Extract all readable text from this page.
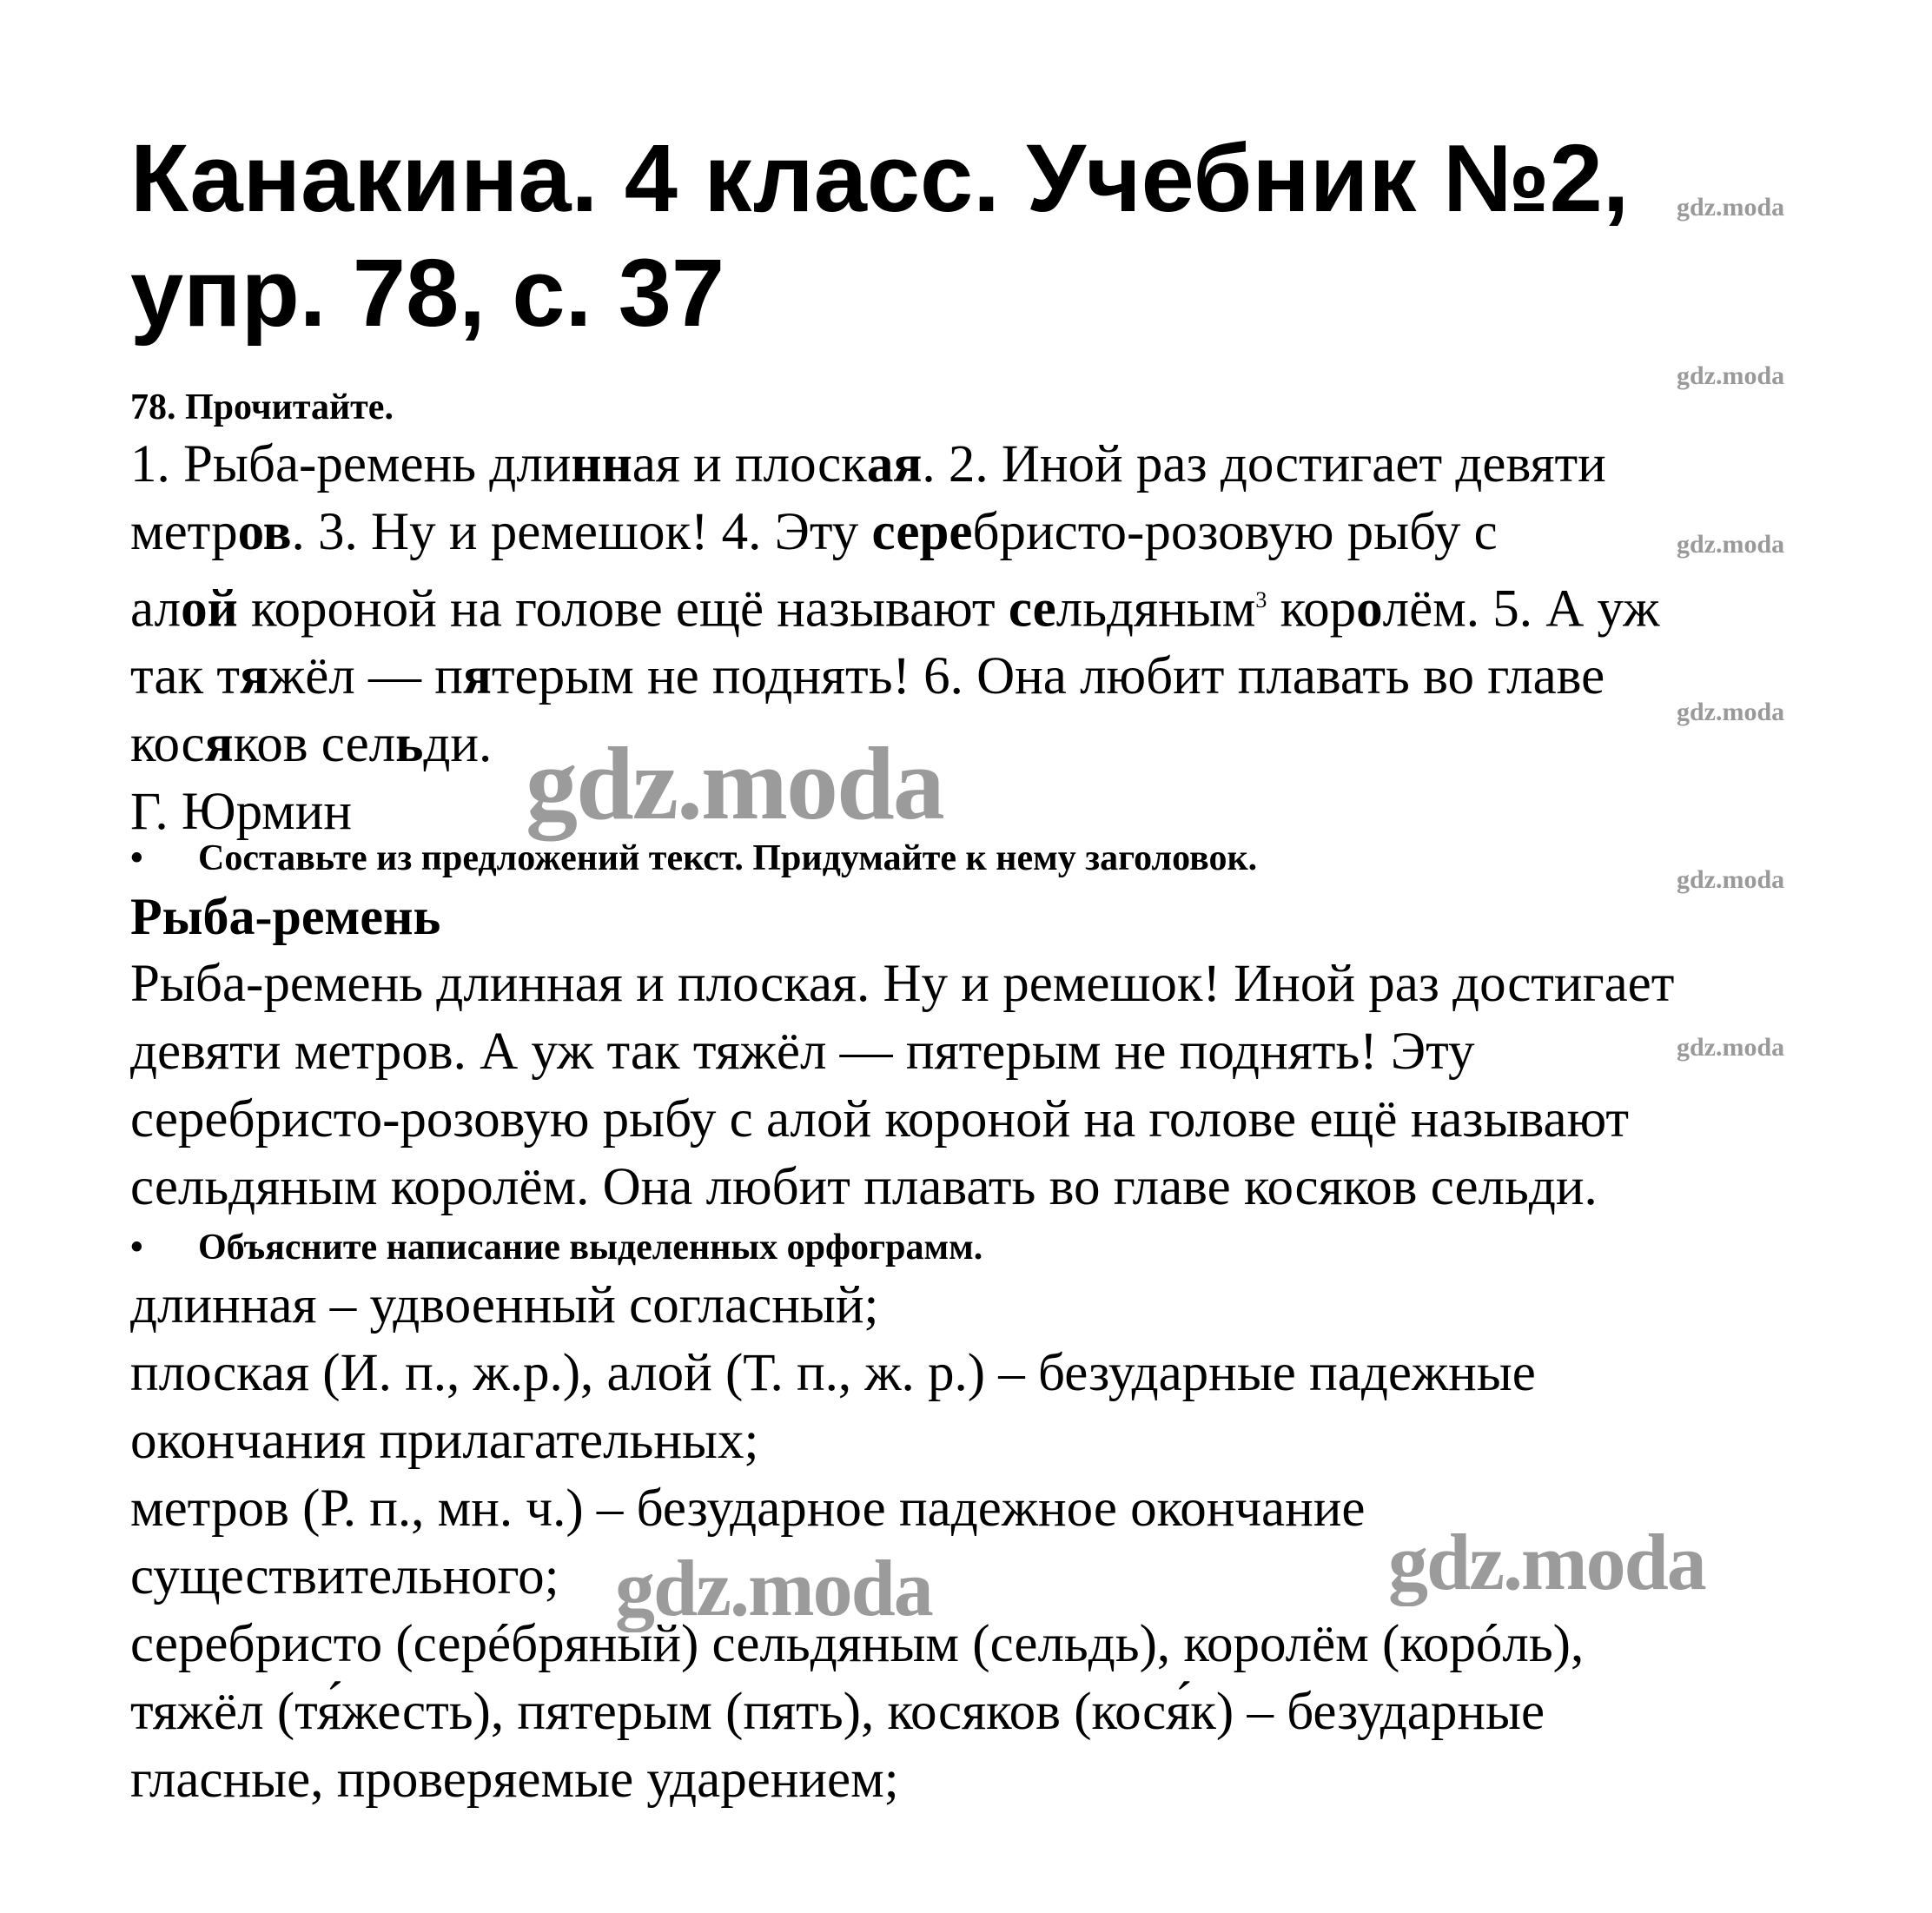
Канакина. 4 класс. Учебник №2,
упр. 78, с. 37
78. Прочитайте.

1. Рыба-ремень длинная и плоская. 2. Иной раз достигает девяти

метров. 3. Ну и ремешок! 4. Эту серебристо-розовую рыбу с

алой короной на голове ещё называют сельдяным$^3$ королём. 5. А уж

так тяжёл — пятерым не поднять! 6. Она любит плавать во главе

косяков сельди.

Г. Юрмин

• Составьте из предложений текст. Придумайте к нему заголовок.
Рыба-ремень

Рыба-ремень длинная и плоская. Ну и ремешок! Иной раз достигает

девяти метров. А уж так тяжёл — пятерым не поднять! Эту

серебристо-розовую рыбу с алой короной на голове ещё называют

сельдяным королём. Она любит плавать во главе косяков сельди.

• Объясните написание выделенных орфограмм.

длинная – удвоенный согласный;

плоская (И. п., ж.р.), алой (Т. п., ж. р.) – безударные падежные

окончания прилагательных;

метров (Р. п., мн. ч.) – безударное падежное окончание

существительного;

серебристо (серéбряный) сельдяным (сельдь), королём (корóль),

тяжёл (тя́жесть), пятерым (пять), косяков (кося́к) – безударные

гласные, проверяемые ударением;

gdz.moda
gdz.moda
gdz.moda
gdz.moda
gdz.moda
gdz.moda
gdz.moda
gdz.moda	gdz.moda
